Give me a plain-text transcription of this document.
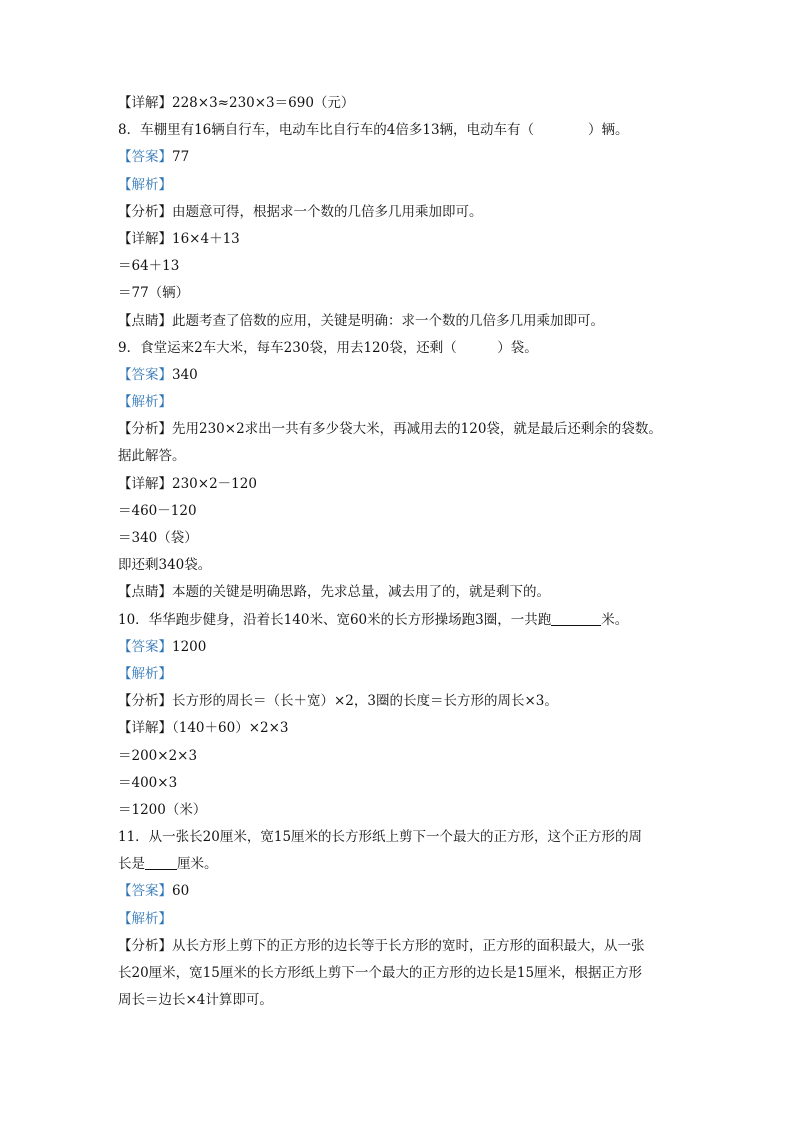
【详解】228×3≈230×3＝690（元）
8．车棚里有16辆自行车，电动车比自行车的4倍多13辆，电动车有（　　　　）辆。
【答案】77
【解析】
【分析】由题意可得，根据求一个数的几倍多几用乘加即可。
【详解】16×4＋13
＝64＋13
＝77（辆）
【点睛】此题考查了倍数的应用，关键是明确：求一个数的几倍多几用乘加即可。
9．食堂运来2车大米，每车230袋，用去120袋，还剩（　　　）袋。
【答案】340
【解析】
【分析】先用230×2求出一共有多少袋大米，再减用去的120袋，就是最后还剩余的袋数。
据此解答。
【详解】230×2－120
＝460－120
＝340（袋）
即还剩340袋。
【点睛】本题的关键是明确思路，先求总量，减去用了的，就是剩下的。
10．华华跑步健身，沿着长140米、宽60米的长方形操场跑3圈，一共跑	米。
【答案】1200
【解析】
【分析】长方形的周长＝（长＋宽）×2，3圈的长度＝长方形的周长×3。
【详解】（140＋60）×2×3
＝200×2×3
＝400×3
＝1200（米）
11．从一张长20厘米，宽15厘米的长方形纸上剪下一个最大的正方形，这个正方形的周
长是 厘米。
【答案】60
【解析】
【分析】从长方形上剪下的正方形的边长等于长方形的宽时，正方形的面积最大，从一张
长20厘米，宽15厘米的长方形纸上剪下一个最大的正方形的边长是15厘米，根据正方形
周长＝边长×4计算即可。
